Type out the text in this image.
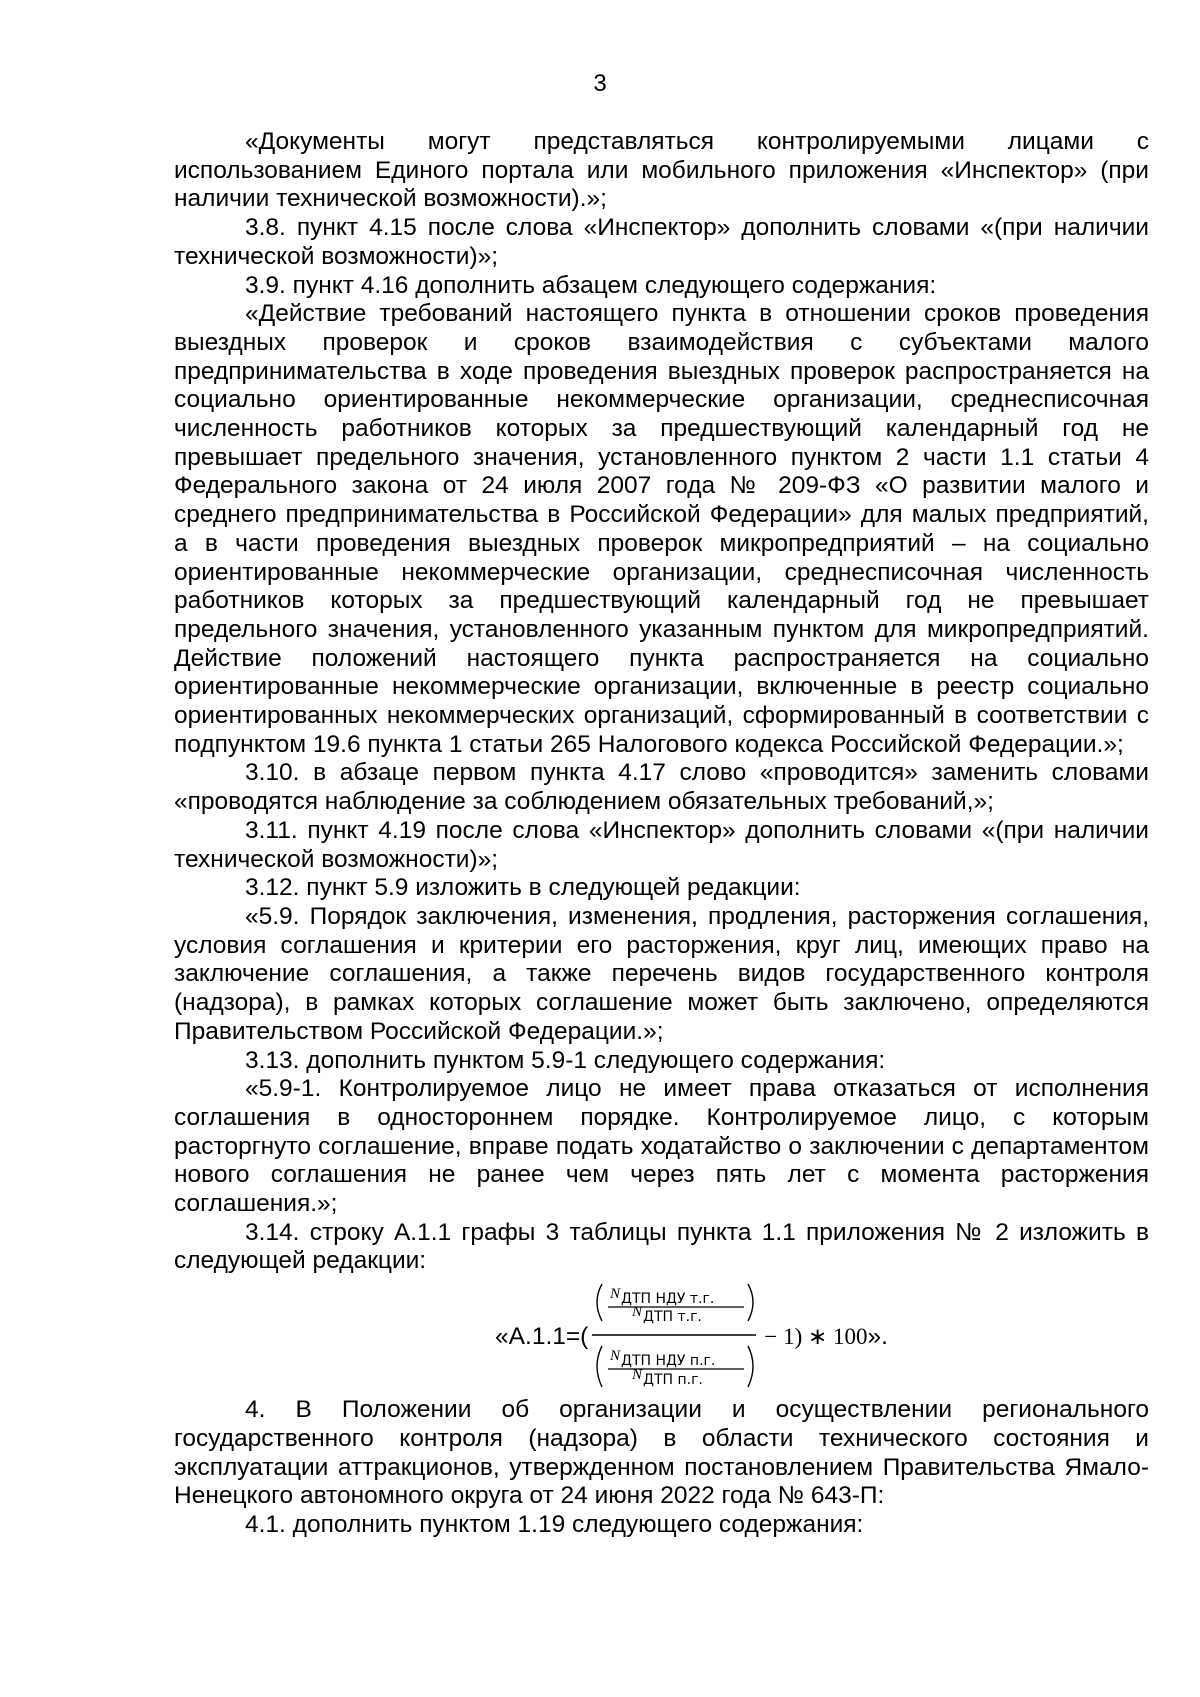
3

«Документы могут представляться контролируемыми лицами с использованием Единого портала или мобильного приложения «Инспектор» (при наличии технической возможности).»;

3.8. пункт 4.15 после слова «Инспектор» дополнить словами «(при наличии технической возможности)»;

3.9. пункт 4.16 дополнить абзацем следующего содержания:

«Действие требований настоящего пункта в отношении сроков проведения выездных проверок и сроков взаимодействия с субъектами малого предпринимательства в ходе проведения выездных проверок распространяется на социально ориентированные некоммерческие организации, среднесписочная численность работников которых за предшествующий календарный год не превышает предельного значения, установленного пунктом 2 части 1.1 статьи 4 Федерального закона от 24 июля 2007 года № 209-ФЗ «О развитии малого и среднего предпринимательства в Российской Федерации» для малых предприятий, а в части проведения выездных проверок микропредприятий – на социально ориентированные некоммерческие организации, среднесписочная численность работников которых за предшествующий календарный год не превышает предельного значения, установленного указанным пунктом для микропредприятий. Действие положений настоящего пункта распространяется на социально ориентированные некоммерческие организации, включенные в реестр социально ориентированных некоммерческих организаций, сформированный в соответствии с подпунктом 19.6 пункта 1 статьи 265 Налогового кодекса Российской Федерации.»;

3.10. в абзаце первом пункта 4.17 слово «проводится» заменить словами «проводятся наблюдение за соблюдением обязательных требований,»;

3.11. пункт 4.19 после слова «Инспектор» дополнить словами «(при наличии технической возможности)»;

3.12. пункт 5.9 изложить в следующей редакции:

«5.9. Порядок заключения, изменения, продления, расторжения соглашения, условия соглашения и критерии его расторжения, круг лиц, имеющих право на заключение соглашения, а также перечень видов государственного контроля (надзора), в рамках которых соглашение может быть заключено, определяются Правительством Российской Федерации.»;

3.13. дополнить пунктом 5.9-1 следующего содержания:

«5.9-1. Контролируемое лицо не имеет права отказаться от исполнения соглашения в одностороннем порядке. Контролируемое лицо, с которым расторгнуто соглашение, вправе подать ходатайство о заключении с департаментом нового соглашения не ранее чем через пять лет с момента расторжения соглашения.»;

3.14. строку А.1.1 графы 3 таблицы пункта 1.1 приложения № 2 изложить в следующей редакции:

«А.1.1=(
N ДТП НДУ т.г.
N ДТП т.г.
N ДТП НДУ п.г.
N ДТП п.г.
− 1) ∗ 100 ».

4. В Положении об организации и осуществлении регионального государственного контроля (надзора) в области технического состояния и эксплуатации аттракционов, утвержденном постановлением Правительства Ямало-Ненецкого автономного округа от 24 июня 2022 года № 643-П:

4.1. дополнить пунктом 1.19 следующего содержания:
